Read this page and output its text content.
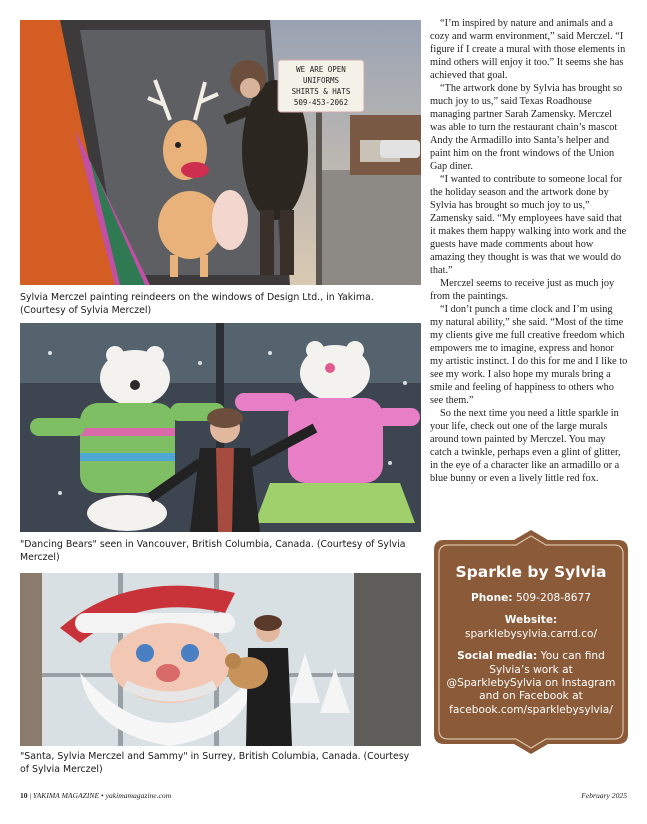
WE ARE OPEN
UNIFORMS
SHIRTS & HATS
509-453-2062

Sylvia Merczel painting reindeers on the windows of Design Ltd., in Yakima. (Courtesy of Sylvia Merczel)

"Dancing Bears" seen in Vancouver, British Columbia, Canada. (Courtesy of Sylvia Merczel)

"Santa, Sylvia Merczel and Sammy" in Surrey, British Columbia, Canada. (Courtesy of Sylvia Merczel)

“I’m inspired by nature and animals and a cozy and warm environment,” said Merczel. “I figure if I create a mural with those elements in mind others will enjoy it too.” It seems she has achieved that goal.

“The artwork done by Sylvia has brought so much joy to us,” said Texas Roadhouse managing partner Sarah Zamensky. Merczel was able to turn the restaurant chain’s mascot Andy the Armadillo into Santa’s helper and paint him on the front windows of the Union Gap diner.

“I wanted to contribute to someone local for the holiday season and the artwork done by Sylvia has brought so much joy to us,” Zamensky said. “My employees have said that it makes them happy walking into work and the guests have made comments about how amazing they thought is was that we would do that.”

Merczel seems to receive just as much joy from the paintings.

“I don’t punch a time clock and I’m using my natural ability,” she said. “Most of the time my clients give me full creative freedom which empowers me to imagine, express and honor my artistic instinct. I do this for me and I like to see my work. I also hope my murals bring a smile and feeling of happiness to others who see them.”

So the next time you need a little sparkle in your life, check out one of the large murals around town painted by Merczel. You may catch a twinkle, perhaps even a glint of glitter, in the eye of a character like an armadillo or a blue bunny or even a lively little red fox.

Sparkle by Sylvia
Phone: 509-208-8677
Website: sparklebysylvia.carrd.co/
Social media: You can find Sylvia’s work at @SparklebySylvia on Instagram and on Facebook at facebook.com/sparklebysylvia/
10 | YAKIMA MAGAZINE • yakimamagazine.com	February 2025
